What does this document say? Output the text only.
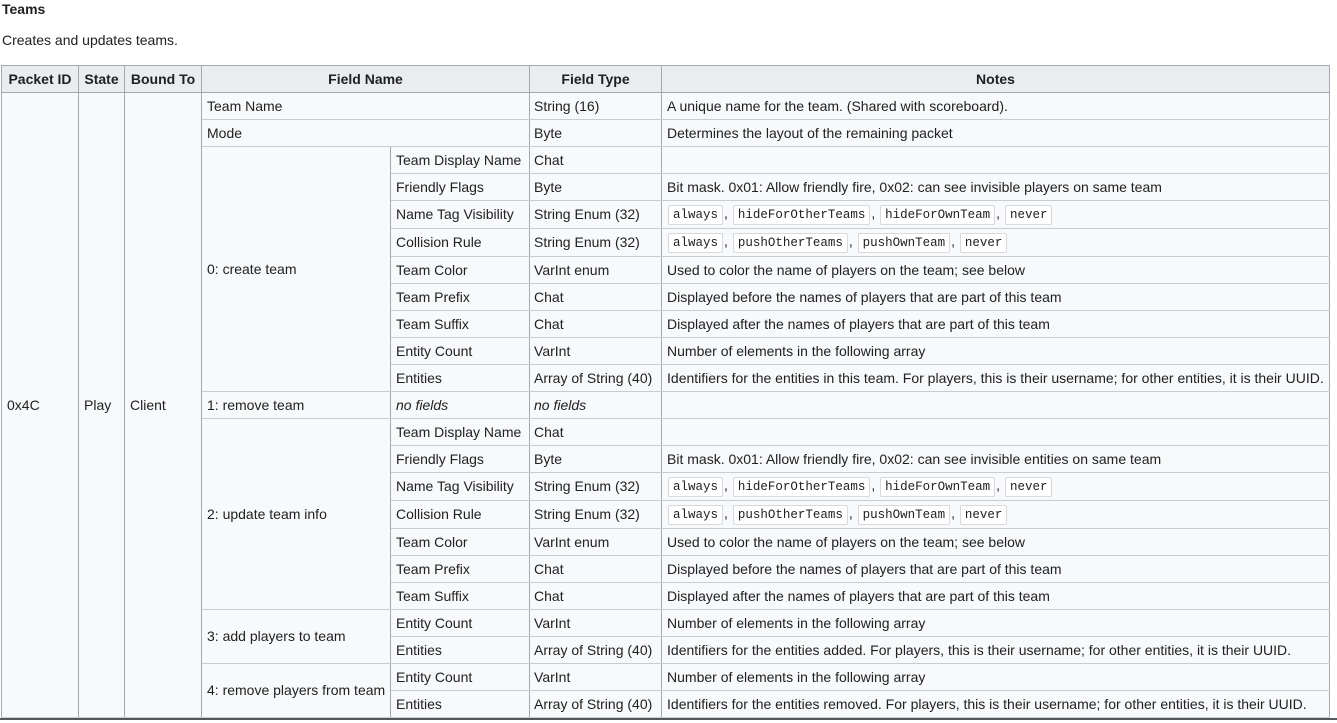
Teams

Creates and updates teams.

Packet ID	State	Bound To	Field Name		Field Type	Notes
0x4C	Play	Client	Team Name		String (16)	A unique name for the team. (Shared with scoreboard).
			Mode		Byte	Determines the layout of the remaining packet
			0: create team	Team Display Name	Chat	
				Friendly Flags	Byte	Bit mask. 0x01: Allow friendly fire, 0x02: can see invisible players on same team
				Name Tag Visibility	String Enum (32)	always , hideForOtherTeams , hideForOwnTeam , never
				Collision Rule	String Enum (32)	always , pushOtherTeams , pushOwnTeam , never
				Team Color	VarInt enum	Used to color the name of players on the team; see below
				Team Prefix	Chat	Displayed before the names of players that are part of this team
				Team Suffix	Chat	Displayed after the names of players that are part of this team
				Entity Count	VarInt	Number of elements in the following array
				Entities	Array of String (40)	Identifiers for the entities in this team. For players, this is their username; for other entities, it is their UUID.
			1: remove team	no fields	no fields	
			2: update team info	Team Display Name	Chat	
				Friendly Flags	Byte	Bit mask. 0x01: Allow friendly fire, 0x02: can see invisible entities on same team
				Name Tag Visibility	String Enum (32)	always , hideForOtherTeams , hideForOwnTeam , never
				Collision Rule	String Enum (32)	always , pushOtherTeams , pushOwnTeam , never
				Team Color	VarInt enum	Used to color the name of players on the team; see below
				Team Prefix	Chat	Displayed before the names of players that are part of this team
				Team Suffix	Chat	Displayed after the names of players that are part of this team
			3: add players to team	Entity Count	VarInt	Number of elements in the following array
				Entities	Array of String (40)	Identifiers for the entities added. For players, this is their username; for other entities, it is their UUID.
			4: remove players from team	Entity Count	VarInt	Number of elements in the following array
				Entities	Array of String (40)	Identifiers for the entities removed. For players, this is their username; for other entities, it is their UUID.
